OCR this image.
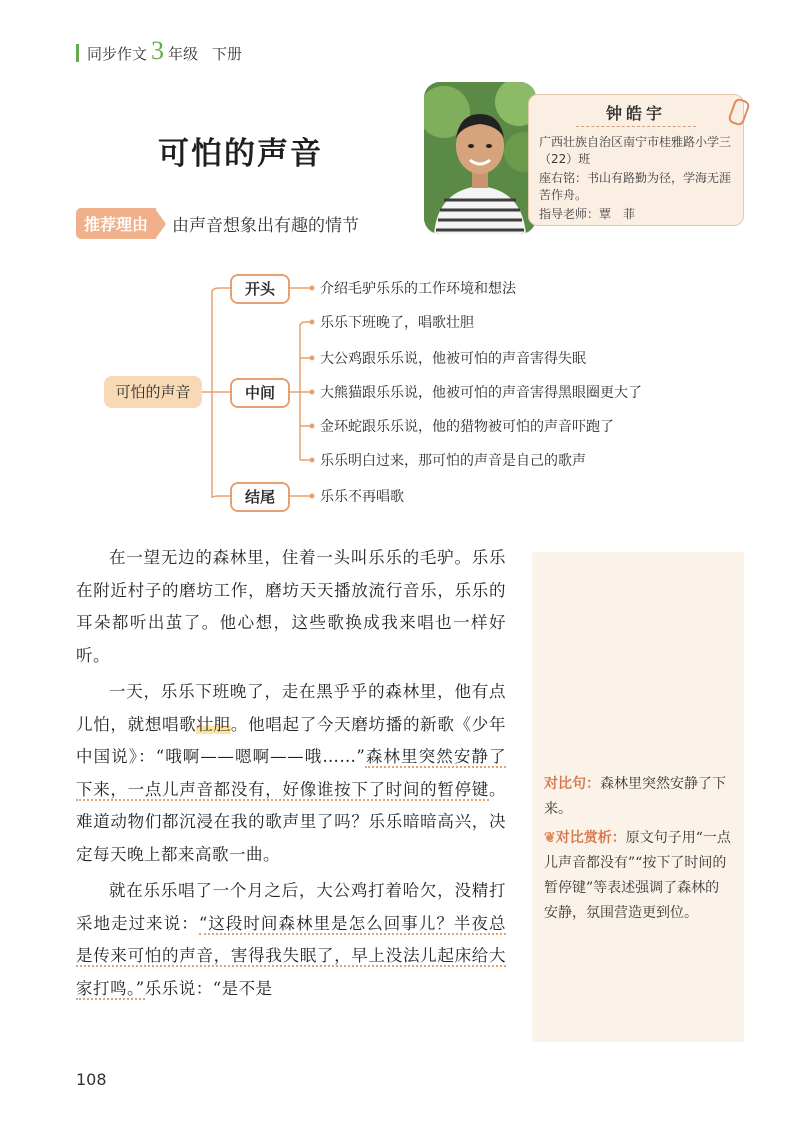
同步作文 3 年级 下册
可怕的声音
推荐理由	由声音想象出有趣的情节
钟皓宇
广西壮族自治区南宁市桂雅路小学三（22）班
座右铭：书山有路勤为径，学海无涯苦作舟。
指导老师：覃　菲
可怕的声音
开头
中间
结尾
介绍毛驴乐乐的工作环境和想法
乐乐下班晚了，唱歌壮胆
大公鸡跟乐乐说，他被可怕的声音害得失眠
大熊猫跟乐乐说，他被可怕的声音害得黑眼圈更大了
金环蛇跟乐乐说，他的猎物被可怕的声音吓跑了
乐乐明白过来，那可怕的声音是自己的歌声
乐乐不再唱歌

在一望无边的森林里，住着一头叫乐乐的毛驴。乐乐在附近村子的磨坊工作，磨坊天天播放流行音乐，乐乐的耳朵都听出茧了。他心想，这些歌换成我来唱也一样好听。

一天，乐乐下班晚了，走在黑乎乎的森林里，他有点儿怕，就想唱歌壮胆。他唱起了今天磨坊播的新歌《少年中国说》：“哦啊——嗯啊——哦……”森林里突然安静了下来，一点儿声音都没有，好像谁按下了时间的暂停键。难道动物们都沉浸在我的歌声里了吗？乐乐暗暗高兴，决定每天晚上都来高歌一曲。

就在乐乐唱了一个月之后，大公鸡打着哈欠，没精打采地走过来说：“这段时间森林里是怎么回事儿？半夜总是传来可怕的声音，害得我失眠了，早上没法儿起床给大家打鸣。”乐乐说：“是不是

对比句：森林里突然安静了下来。
❦对比赏析：原文句子用“一点儿声音都没有”“按下了时间的暂停键”等表述强调了森林的安静，氛围营造更到位。
108
